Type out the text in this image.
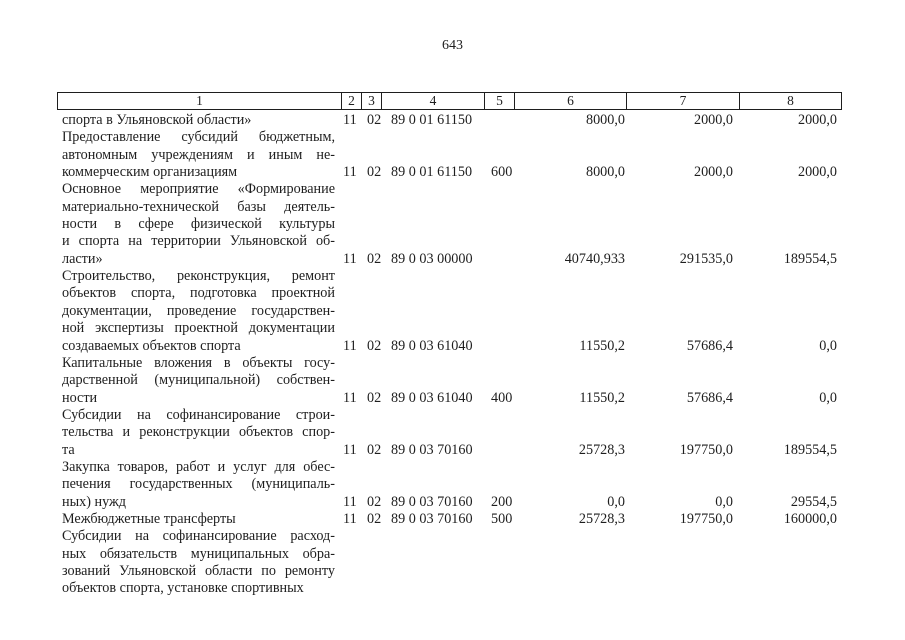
643
1	2 3	4	5	6	7	8
спорта в Ульяновской области»	11 02 89 0 01 61150	8000,0	2000,0	2000,0
Предоставление субсидий бюджетным,
автономным учреждениям и иным не-
коммерческим организациям	11 02 89 0 01 61150 600	8000,0	2000,0	2000,0
Основное мероприятие «Формирование
материально-технической базы деятель-
ности в сфере физической культуры
и спорта на территории Ульяновской об-
ласти»	11 02 89 0 03 00000	40740,933	291535,0	189554,5
Строительство, реконструкция, ремонт
объектов спорта, подготовка проектной
документации, проведение государствен-
ной экспертизы проектной документации
создаваемых объектов спорта	11 02 89 0 03 61040	11550,2	57686,4	0,0
Капитальные вложения в объекты госу-
дарственной (муниципальной) собствен-
ности	11 02 89 0 03 61040 400	11550,2	57686,4	0,0
Субсидии на софинансирование строи-
тельства и реконструкции объектов спор-
та	11 02 89 0 03 70160	25728,3	197750,0	189554,5
Закупка товаров, работ и услуг для обес-
печения государственных (муниципаль-
ных) нужд	11 02 89 0 03 70160 200	0,0	0,0	29554,5
Межбюджетные трансферты	11 02 89 0 03 70160 500	25728,3	197750,0	160000,0
Субсидии на софинансирование расход-
ных обязательств муниципальных обра-
зований Ульяновской области по ремонту
объектов спорта, установке спортивных
